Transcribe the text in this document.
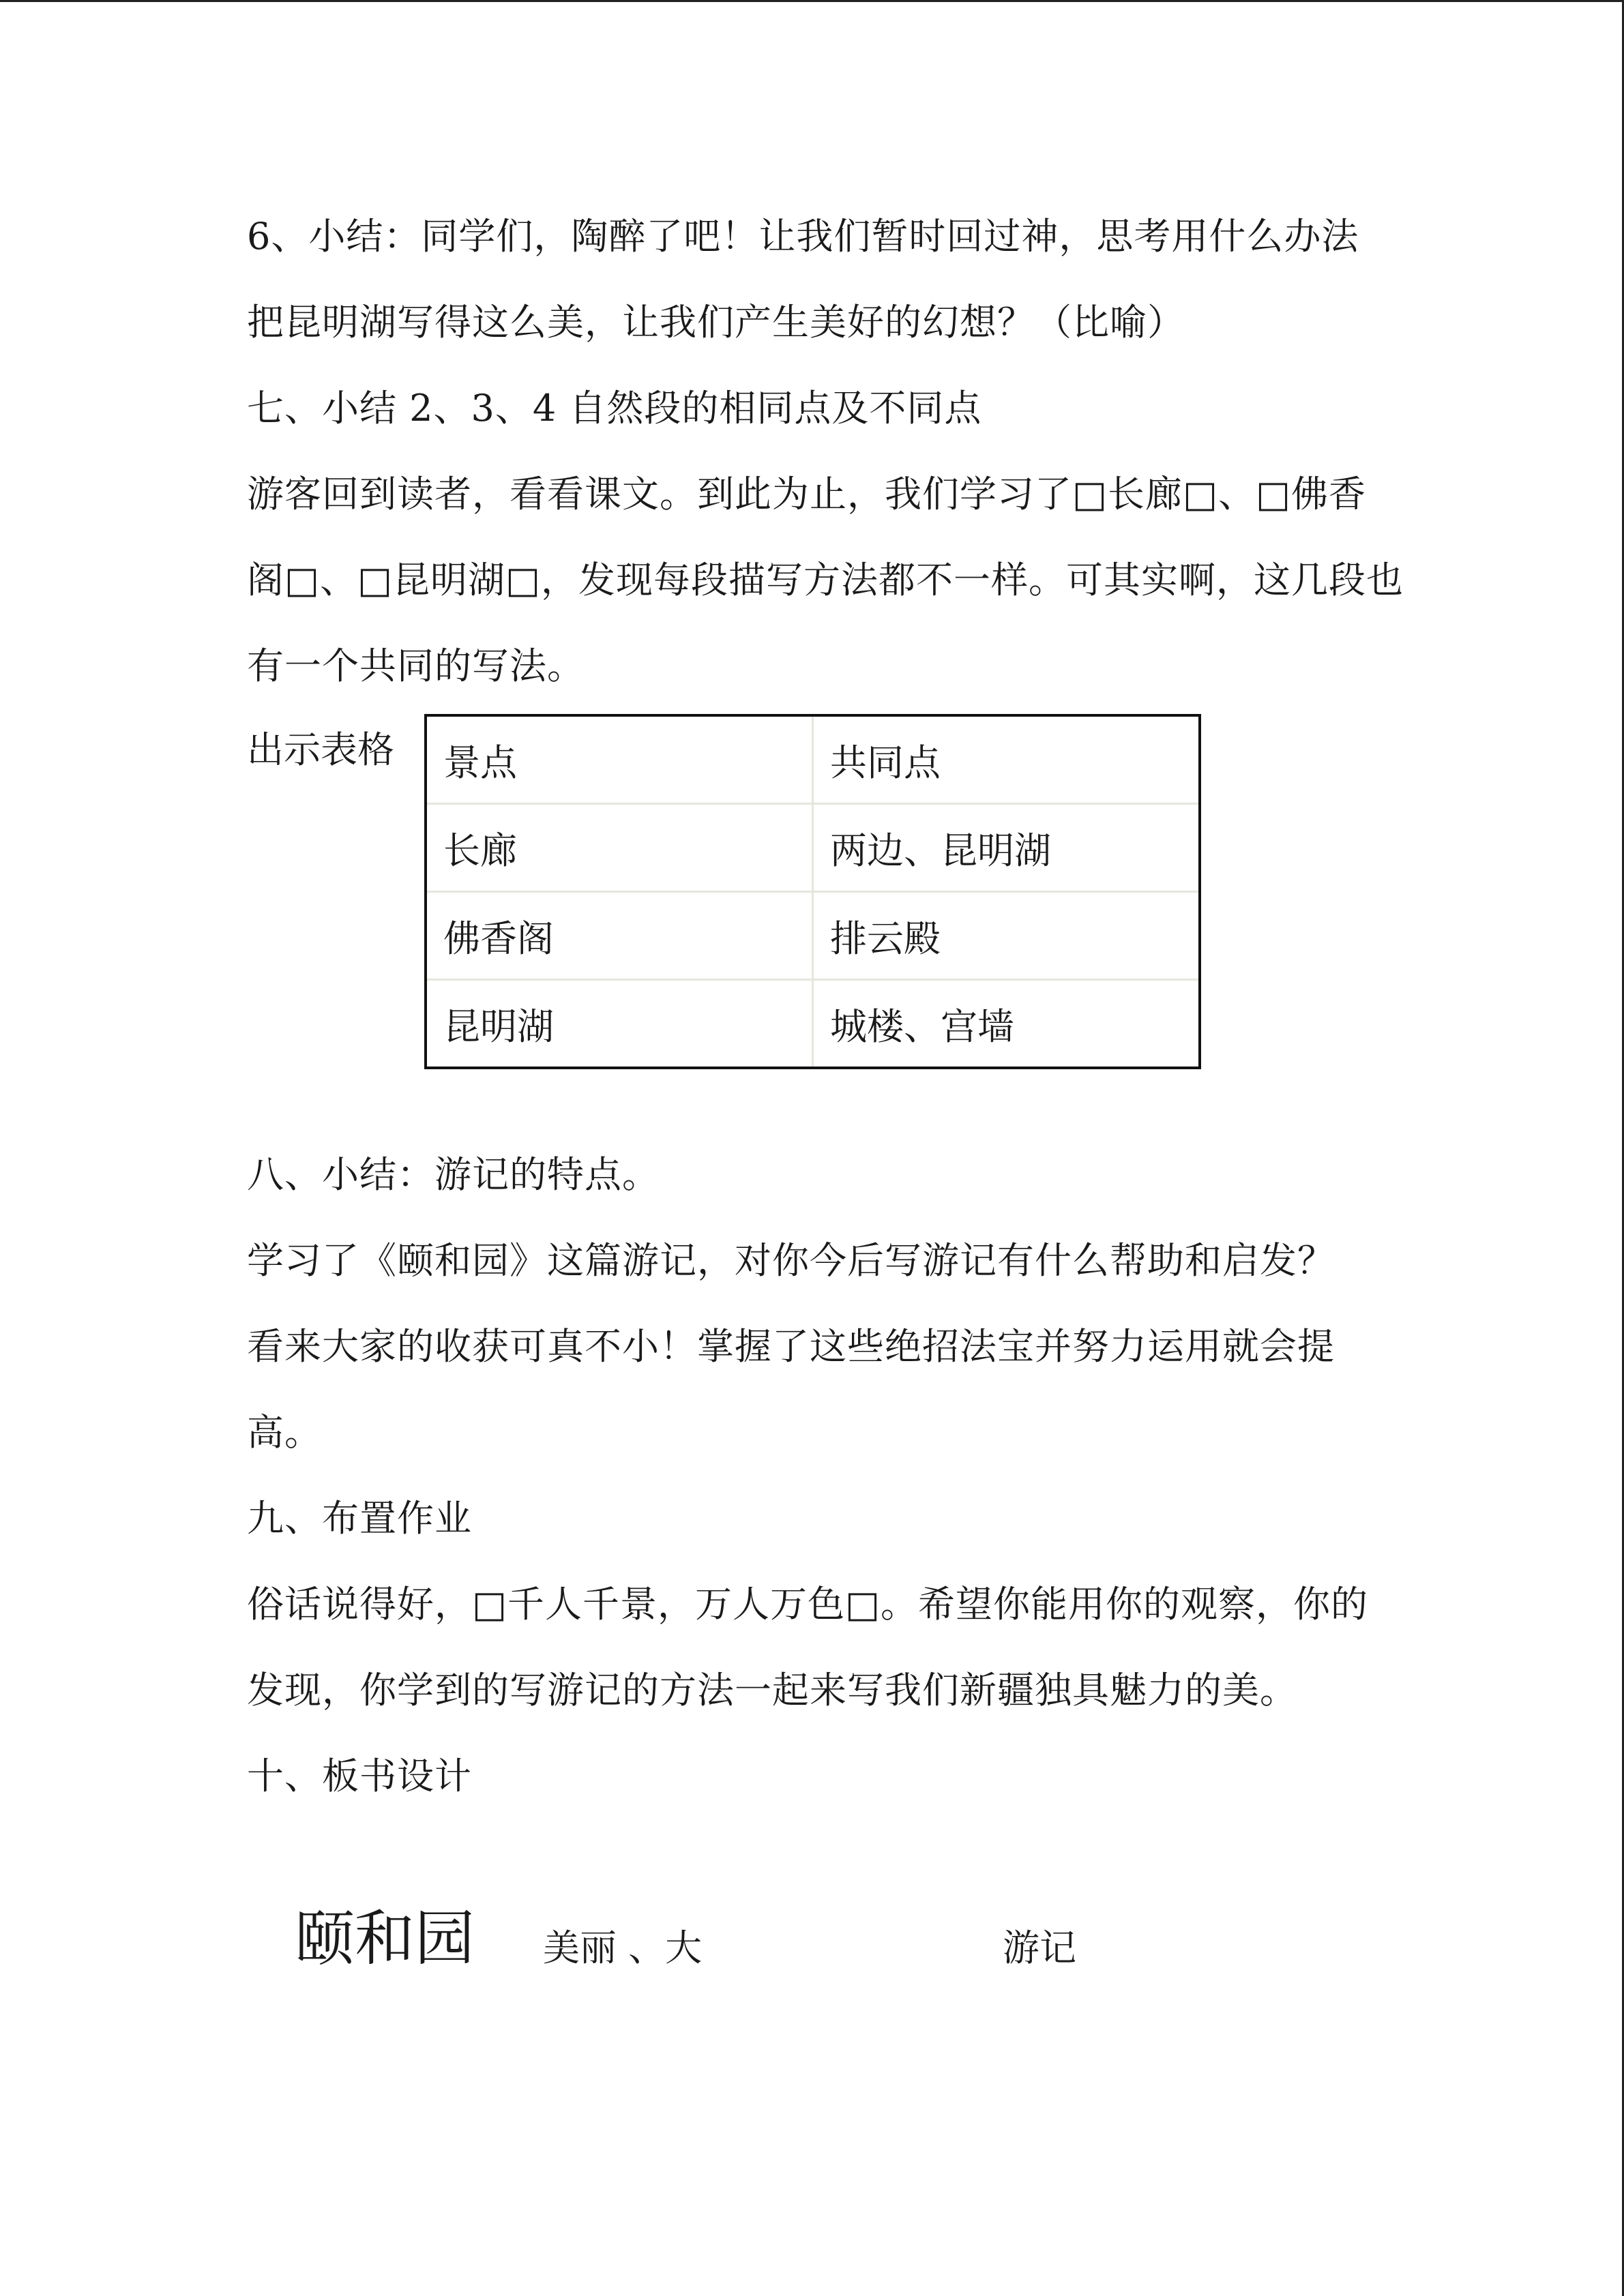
6、小结：同学们，陶醉了吧！让我们暂时回过神，思考用什么办法
把昆明湖写得这么美，让我们产生美好的幻想？（比喻）
七、小结 2、3、4 自然段的相同点及不同点
游客回到读者，看看课文。到此为止，我们学习了□长廊□、□佛香
阁□、□昆明湖□，发现每段描写方法都不一样。可其实啊，这几段也
有一个共同的写法。
出示表格 景点	共同点
长廊	两边、昆明湖
佛香阁	排云殿
昆明湖	城楼、宫墙
八、小结：游记的特点。
学习了《颐和园》这篇游记，对你今后写游记有什么帮助和启发？
看来大家的收获可真不小！掌握了这些绝招法宝并努力运用就会提
高。
九、布置作业
俗话说得好，□千人千景，万人万色□。希望你能用你的观察，你的
发现，你学到的写游记的方法一起来写我们新疆独具魅力的美。
十、板书设计
颐和园 美丽 、大	游记
